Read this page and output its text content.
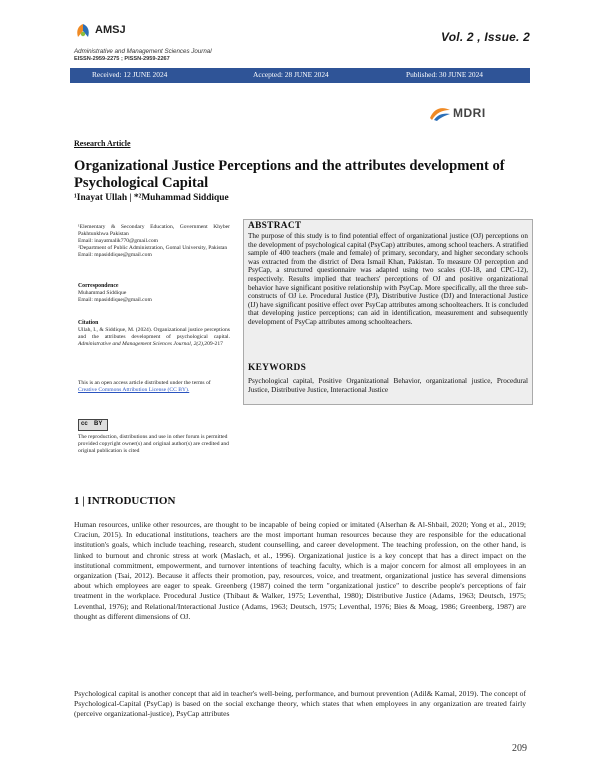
AMSJ	Vol. 2 , Issue. 2
Administrative and Management Sciences Journal
EISSN-2959-2275 ; PISSN-2959-2267
Received: 12 JUNE 2024	Accepted: 28 JUNE 2024	Published: 30 JUNE 2024
MDRI
Research Article
Organizational Justice Perceptions and the attributes development of Psychological Capital
¹Inayat Ullah | *²Muhammad Siddique
¹Elementary & Secondary Education, Government Khyber Pakhtunkhwa Pakistan
Email: inayatmalik770@gmail.com
²Department of Public Administration, Gomal University, Pakistan
Email: mpasiddique@gmail.com
Correspondence
Muhammad Siddique
Email: mpasiddique@gmail.com
Citation
Ullah, I., & Siddique, M. (2024). Organizational justice perceptions and the attributes development of psychological capital. Administrative and Management Sciences Journal, 2(2),209-217
This is an open access article distributed under the terms of
Creative Commons Attribution License (CC BY).
cc BY
The reproduction, distributions and use in other forum is permitted provided copyright owner(s) and original author(s) are credited and original publication is cited
ABSTRACT
The purpose of this study is to find potential effect of organizational justice (OJ) perceptions on the development of psychological capital (PsyCap) attributes, among school teachers. A stratified sample of 400 teachers (male and female) of primary, secondary, and higher secondary schools was extracted from the district of Dera Ismail Khan, Pakistan. To measure OJ perception and PsyCap, a structured questionnaire was adapted using two scales (OJ-18, and CPC-12), respectively. Results implied that teachers' perceptions of OJ and positive organizational behavior have significant positive relationship with PsyCap. More specifically, all the three sub-constructs of OJ i.e. Procedural Justice (PJ), Distributive Justice (DJ) and Interactional Justice (IJ) have significant positive effect over PsyCap attributes among schoolteachers. It is concluded that developing justice perceptions; can aid in identification, measurement and subsequently development of PsyCap attributes among schoolteachers.
KEYWORDS
Psychological capital, Positive Organizational Behavior, organizational justice, Procedural Justice, Distributive Justice, Interactional Justice
1 | INTRODUCTION
Human resources, unlike other resources, are thought to be incapable of being copied or imitated (Alserhan & Al-Shbail, 2020; Yong et al., 2019; Craciun, 2015). In educational institutions, teachers are the most important human resources because they are responsible for the educational institution's goals, which include teaching, research, student counselling, and career development. The teaching profession, on the other hand, is linked to burnout and chronic stress at work (Maslach, et al., 1996). Organizational justice is a key concept that has a direct impact on the institutional commitment, empowerment, and turnover intentions of teaching faculty, which is a major concern for almost all employees in an organization (Tsai, 2012). Because it affects their promotion, pay, resources, voice, and treatment, organizational justice has several dimensions about which employees are eager to speak. Greenberg (1987) coined the term "organizational justice" to describe people's perceptions of fair treatment in the workplace. Procedural Justice (Thibaut & Walker, 1975; Leventhal, 1980); Distributive Justice (Adams, 1963; Deutsch, 1975; Leventhal, 1976); and Relational/Interactional Justice (Adams, 1963; Deutsch, 1975; Leventhal, 1976; Bies & Moag, 1986; Greenberg, 1987) are thought as different dimensions of OJ.
Psychological capital is another concept that aid in teacher's well-being, performance, and burnout prevention (Adil& Kamal, 2019). The concept of Psychological-Capital (PsyCap) is based on the social exchange theory, which states that when employees in any organization are treated fairly (perceive organizational-justice), PsyCap attributes
209
